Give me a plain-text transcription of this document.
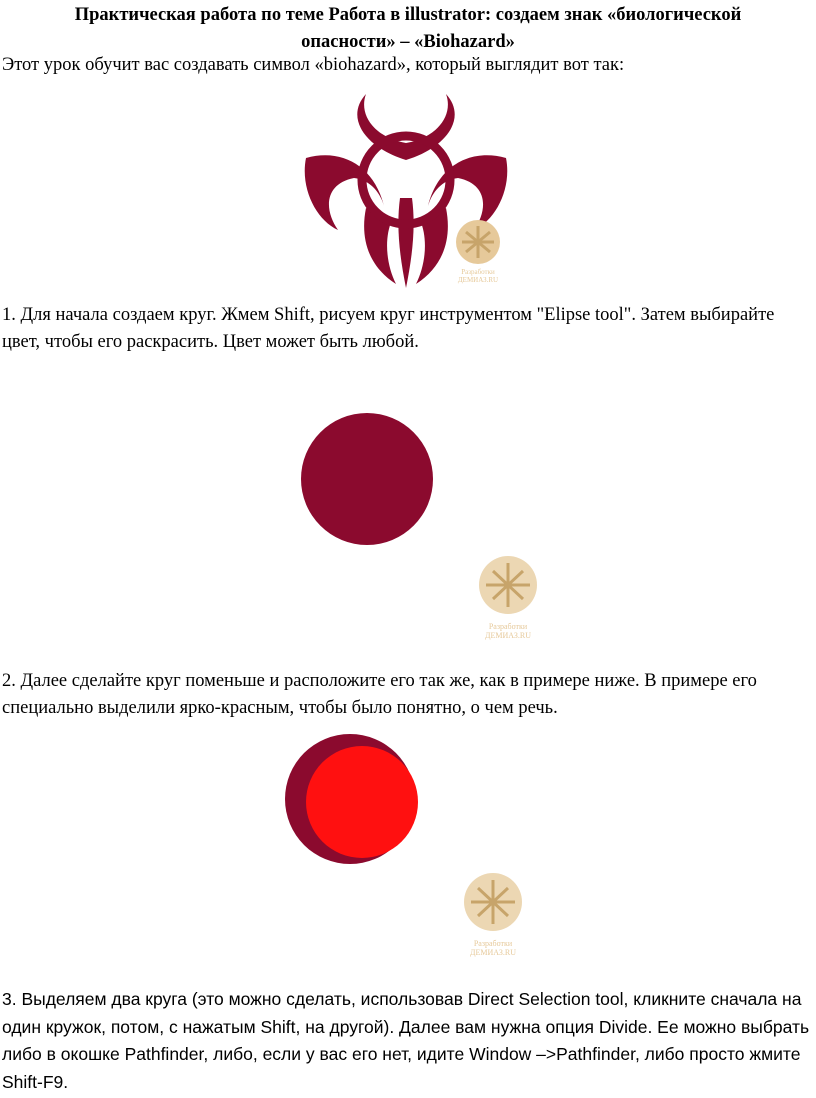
Практическая работа по теме Работа в illustrator: создаем знак «биологической
опасности» – «Biohazard»

Этот урок обучит вас создавать символ «biohazard», который выглядит вот так:

Разработки
ДЕМИАЗ.RU

1. Для начала создаем круг. Жмем Shift, рисуем круг инструментом "Elipse tool". Затем выбирайте цвет, чтобы его раскрасить. Цвет может быть любой.

Разработки
ДЕМИАЗ.RU

2. Далее сделайте круг поменьше и расположите его так же, как в примере ниже. В примере его специально выделили ярко-красным, чтобы было понятно, о чем речь.

Разработки
ДЕМИАЗ.RU

3. Выделяем два круга (это можно сделать, использовав Direct Selection tool, кликните сначала на один кружок, потом, с нажатым Shift, на другой). Далее вам нужна опция Divide. Ее можно выбрать либо в окошке Pathfinder, либо, если у вас его нет, идите Window –>Pathfinder, либо просто жмите Shift-F9.
